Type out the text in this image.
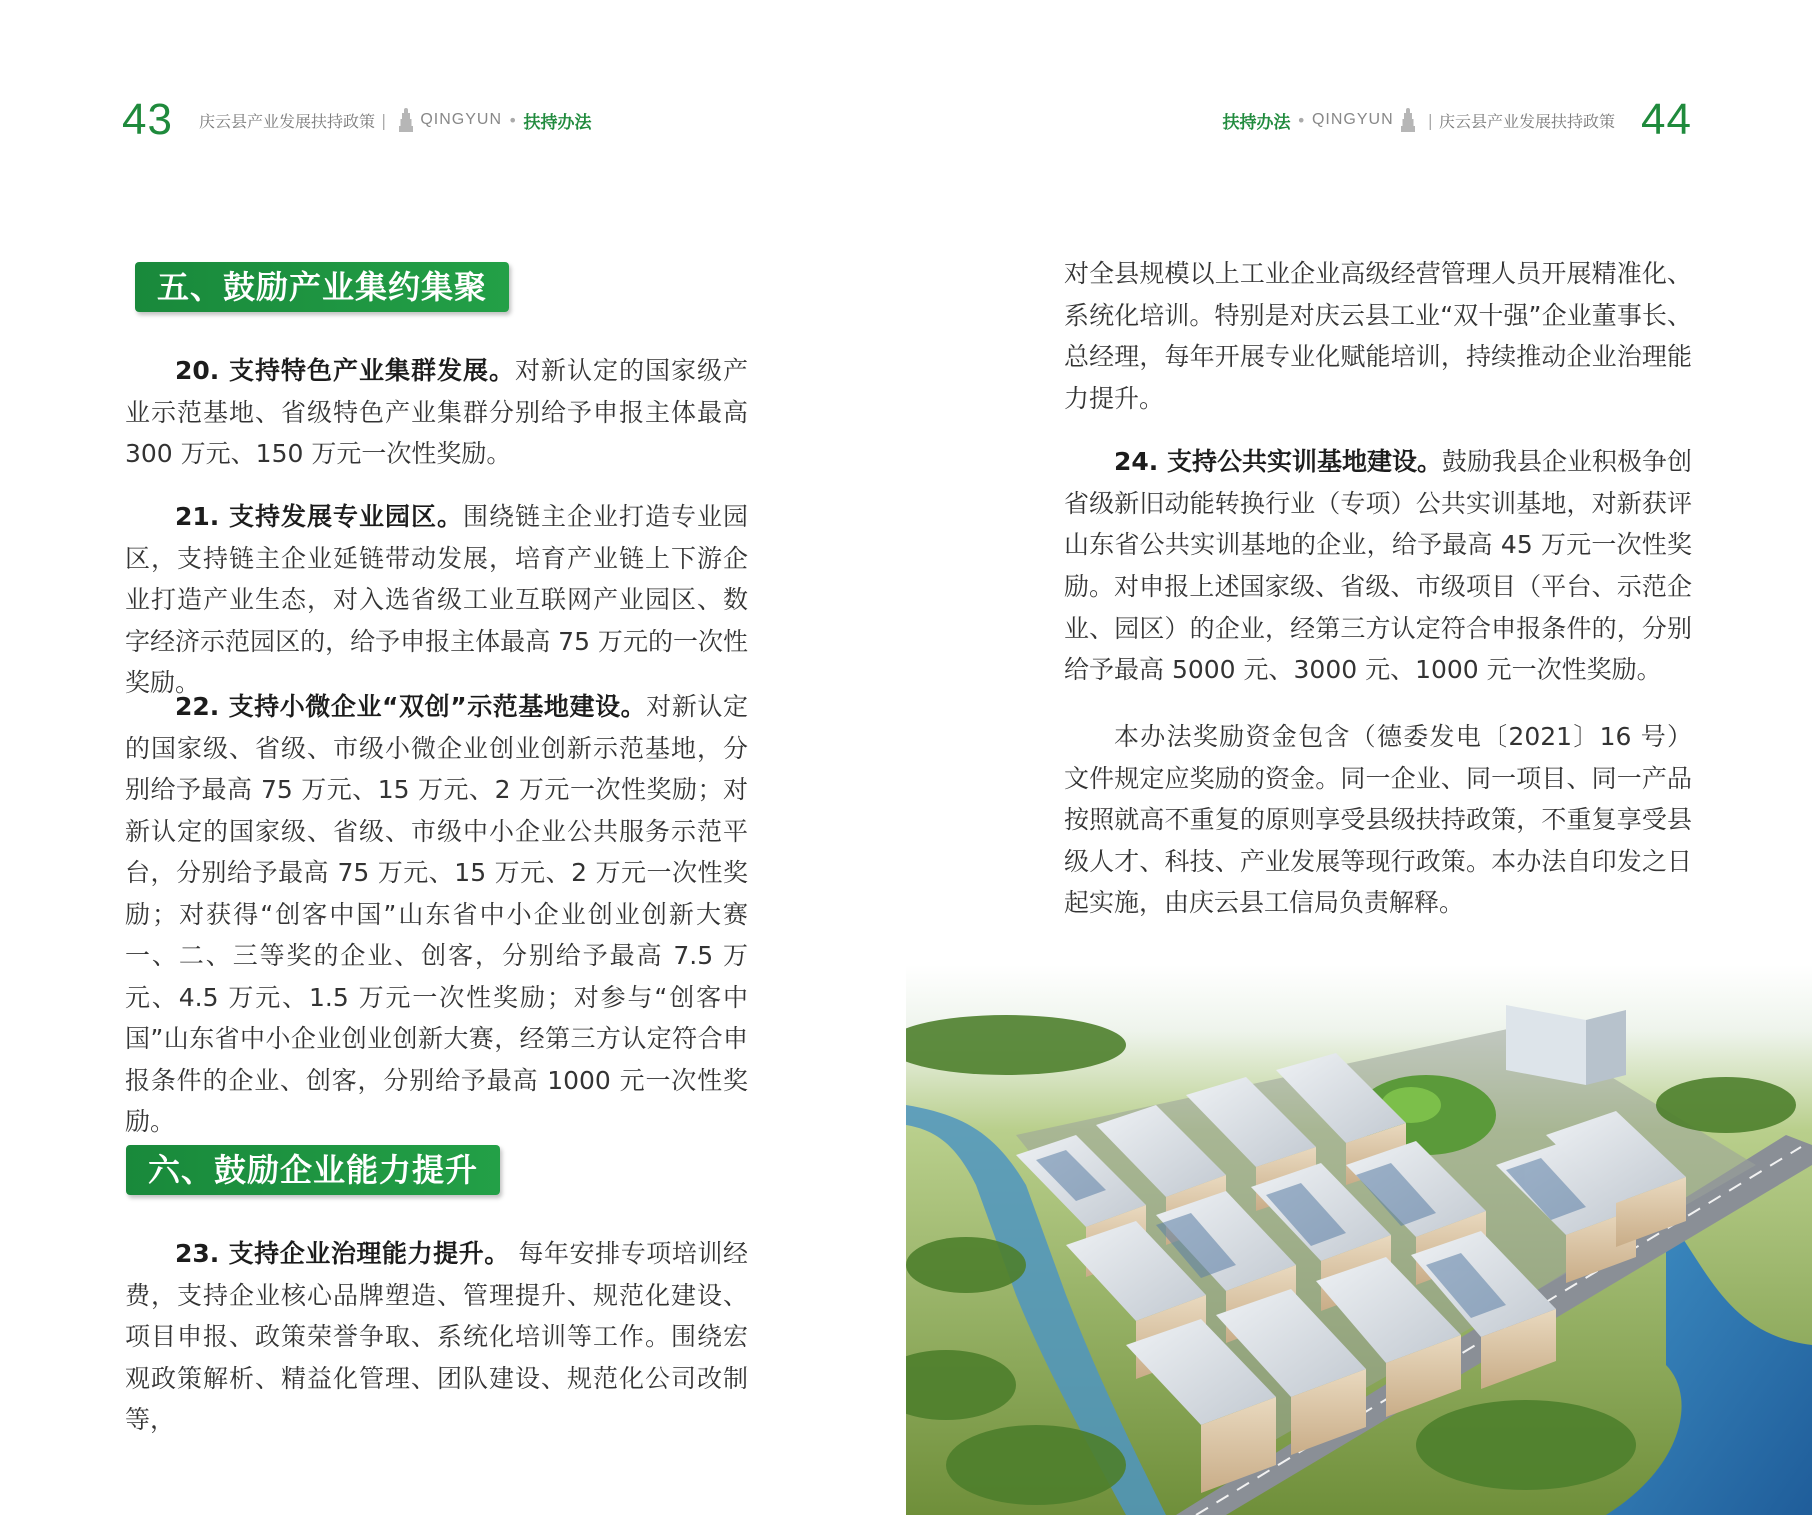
43 庆云县产业发展扶持政策 | QINGYUN • 扶持办法
五、鼓励产业集约集聚
20. 支持特色产业集群发展。对新认定的国家级产业示范基地、省级特色产业集群分别给予申报主体最高300 万元、150 万元一次性奖励。
21. 支持发展专业园区。围绕链主企业打造专业园区，支持链主企业延链带动发展，培育产业链上下游企业打造产业生态，对入选省级工业互联网产业园区、数字经济示范园区的，给予申报主体最高 75 万元的一次性奖励。
22. 支持小微企业“双创”示范基地建设。对新认定的国家级、省级、市级小微企业创业创新示范基地，分别给予最高 75 万元、15 万元、2 万元一次性奖励；对新认定的国家级、省级、市级中小企业公共服务示范平台，分别给予最高 75 万元、15 万元、2 万元一次性奖励；对获得“创客中国”山东省中小企业创业创新大赛一、二、三等奖的企业、创客，分别给予最高 7.5 万元、4.5 万元、1.5 万元一次性奖励；对参与“创客中国”山东省中小企业创业创新大赛，经第三方认定符合申报条件的企业、创客，分别给予最高 1000 元一次性奖励。
六、鼓励企业能力提升
23. 支持企业治理能力提升。 每年安排专项培训经费，支持企业核心品牌塑造、管理提升、规范化建设、项目申报、政策荣誉争取、系统化培训等工作。围绕宏观政策解析、精益化管理、团队建设、规范化公司改制等，
扶持办法 • QINGYUN | 庆云县产业发展扶持政策 44
对全县规模以上工业企业高级经营管理人员开展精准化、系统化培训。特别是对庆云县工业“双十强”企业董事长、总经理，每年开展专业化赋能培训，持续推动企业治理能力提升。
24. 支持公共实训基地建设。鼓励我县企业积极争创省级新旧动能转换行业（专项）公共实训基地，对新获评山东省公共实训基地的企业，给予最高 45 万元一次性奖励。 对申报上述国家级、省级、市级项目（平台、示范企业、园区）的企业，经第三方认定符合申报条件的，分别给予最高 5000 元、3000 元、1000 元一次性奖励。
本办法奖励资金包含（德委发电〔2021〕16 号）文件规定应奖励的资金。同一企业、同一项目、同一产品按照就高不重复的原则享受县级扶持政策，不重复享受县级人才、科技、产业发展等现行政策。本办法自印发之日起实施，由庆云县工信局负责解释。
